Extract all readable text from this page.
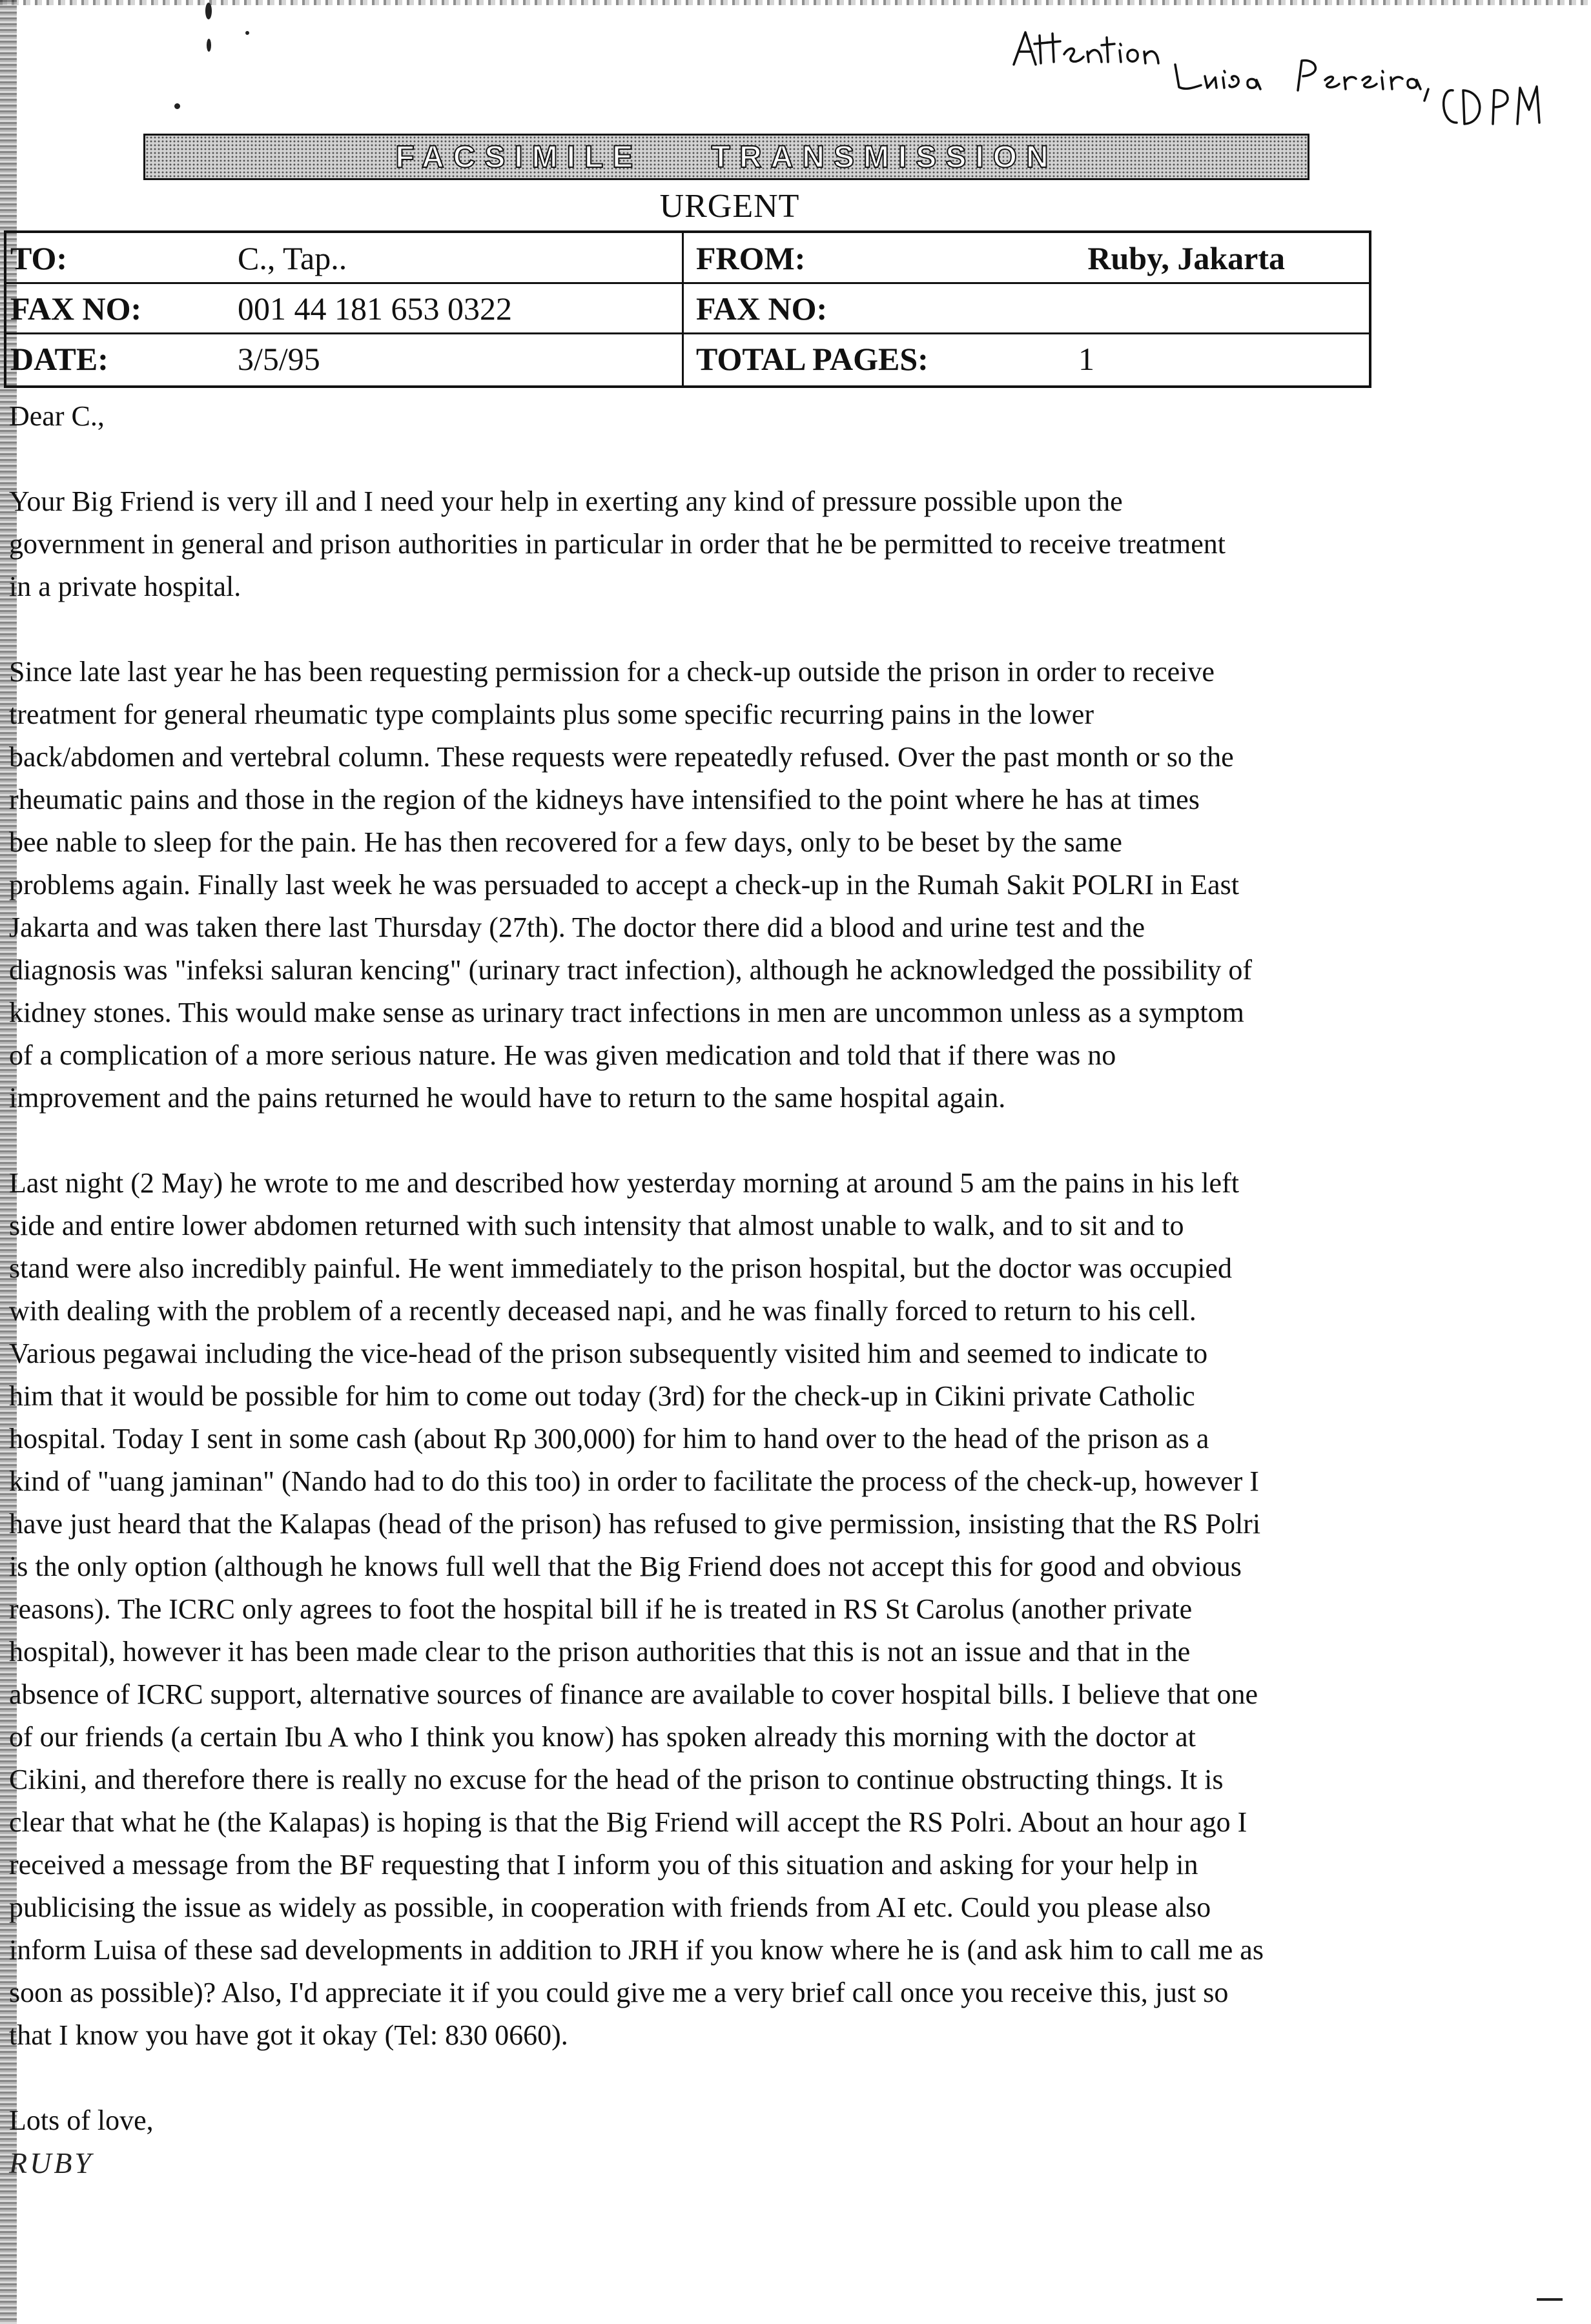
FACSIMILE TRANSMISSION
URGENT
TO:	C., Tap..	FROM:	Ruby, Jakarta
FAX NO:	001 44 181 653 0322	FAX NO:
DATE:	3/5/95	TOTAL PAGES:	1

Dear C.,

Your Big Friend is very ill and I need your help in exerting any kind of pressure possible upon the

government in general and prison authorities in particular in order that he be permitted to receive treatment

in a private hospital.

Since late last year he has been requesting permission for a check-up outside the prison in order to receive

treatment for general rheumatic type complaints plus some specific recurring pains in the lower

back/abdomen and vertebral column. These requests were repeatedly refused. Over the past month or so the

rheumatic pains and those in the region of the kidneys have intensified to the point where he has at times

bee nable to sleep for the pain. He has then recovered for a few days, only to be beset by the same

problems again. Finally last week he was persuaded to accept a check-up in the Rumah Sakit POLRI in East

Jakarta and was taken there last Thursday (27th). The doctor there did a blood and urine test and the

diagnosis was "infeksi saluran kencing" (urinary tract infection), although he acknowledged the possibility of

kidney stones. This would make sense as urinary tract infections in men are uncommon unless as a symptom

of a complication of a more serious nature. He was given medication and told that if there was no

improvement and the pains returned he would have to return to the same hospital again.

Last night (2 May) he wrote to me and described how yesterday morning at around 5 am the pains in his left

side and entire lower abdomen returned with such intensity that almost unable to walk, and to sit and to

stand were also incredibly painful. He went immediately to the prison hospital, but the doctor was occupied

with dealing with the problem of a recently deceased napi, and he was finally forced to return to his cell.

Various pegawai including the vice-head of the prison subsequently visited him and seemed to indicate to

him that it would be possible for him to come out today (3rd) for the check-up in Cikini private Catholic

hospital. Today I sent in some cash (about Rp 300,000) for him to hand over to the head of the prison as a

kind of "uang jaminan" (Nando had to do this too) in order to facilitate the process of the check-up, however I

have just heard that the Kalapas (head of the prison) has refused to give permission, insisting that the RS Polri

is the only option (although he knows full well that the Big Friend does not accept this for good and obvious

reasons). The ICRC only agrees to foot the hospital bill if he is treated in RS St Carolus (another private

hospital), however it has been made clear to the prison authorities that this is not an issue and that in the

absence of ICRC support, alternative sources of finance are available to cover hospital bills. I believe that one

of our friends (a certain Ibu A who I think you know) has spoken already this morning with the doctor at

Cikini, and therefore there is really no excuse for the head of the prison to continue obstructing things. It is

clear that what he (the Kalapas) is hoping is that the Big Friend will accept the RS Polri. About an hour ago I

received a message from the BF requesting that I inform you of this situation and asking for your help in

publicising the issue as widely as possible, in cooperation with friends from AI etc. Could you please also

inform Luisa of these sad developments in addition to JRH if you know where he is (and ask him to call me as

soon as possible)? Also, I'd appreciate it if you could give me a very brief call once you receive this, just so

that I know you have got it okay (Tel: 830 0660).

Lots of love,

RUBY
